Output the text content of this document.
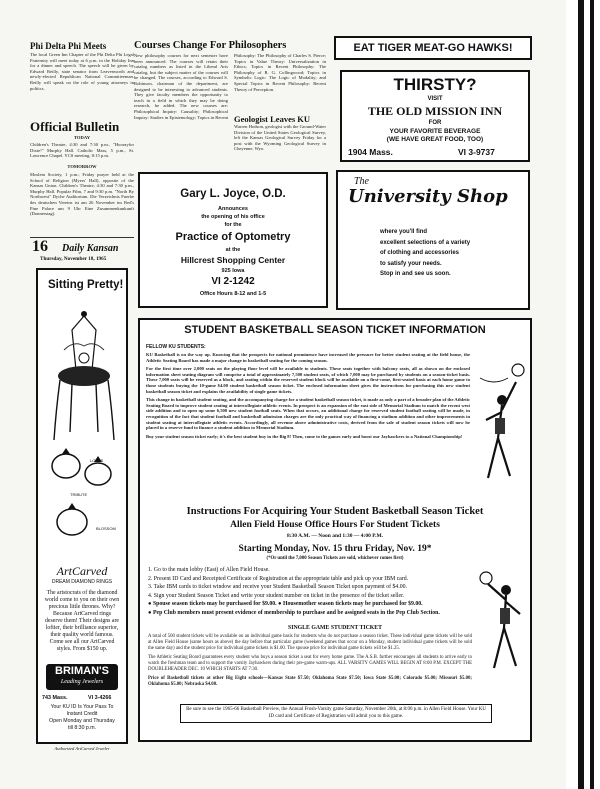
Phi Delta Phi Meets
The local Green Inn Chapter of the Phi Delta Phi Legal Fraternity will meet today at 6 p.m. in the Holiday Inn for a dinner and speech. The speech will be given by Edward Reilly, state senator from Leavenworth and newly-elected Republican National Committeeman. Reilly will speak on the role of young attorneys in politics.
Official Bulletin
TODAY
Children's Theatre, 4:30 and 7:30 p.m., "Hoorayfor Dixie!" Murphy Hall. Catholic Mass, 5 p.m., St. Lawrence Chapel. YCS meeting, 8:15 p.m.
TOMORROW
Moslem Society, 1 p.m.; Friday prayer held at the School of Religion (Myers' Hall), opposite of the Kansas Union. Children's Theatre, 4:30 and 7:30 p.m., Murphy Hall. Popular Film, 7 and 9:30 p.m. "North By Northwest" Dyche Auditorium. Die Verzeichnis Fuerbe des deutschen Vereins ist am 26 November im Red's Pine Palace um 9 Uhr Eine Zusammenkunkunft (Donnerstag).
16 Daily Kansan
Thursday, November 18, 1965
Sitting Pretty!
LOTUS
TRIBUTE
BLOSSOM
ArtCarved
DREAM DIAMOND RINGS
The aristocrats of the diamond world come to you on their own precious little thrones. Why? Because ArtCarved rings deserve them! Their designs are loftier, their brilliance superior, their quality world famous. Come see all our ArtCarved styles. From $150 up.
BRIMAN'S
Leading Jewelers
743 Mass.	VI 3-4266
Your KU ID Is Your Pass To
Instant Credit
Open Monday and Thursday
till 8:30 p.m.
Authorized ArtCarved Jeweler
Courses Change For Philosophers
New philosophy courses for next semester have been announced. The courses will retain their catalog numbers as listed in the Liberal Arts catalog, but the subject matter of the courses will be changed. The courses, according to Edward S. Robinson, chairman of the department, are designed to be interesting to advanced students. They give faculty members the opportunity to teach in a field in which they may be doing research, he added. The new courses are: Philosophical Inquiry: Causality; Philosophical Inquiry: Studies in Epistemology; Topics in Recent
Philosophy: The Philosophy of Charles S. Pierce; Topics in Value Theory: Universalization in Ethics; Topics in Recent Philosophy: The Philosophy of R. G. Collingwood; Topics in Symbolic Logic: The Logic of Modality; and Special Topics in Recent Philosophy: Recent Theory of Perception.
Geologist Leaves KU
Warren Hodson, geologist with the Ground-Water Division of the United States Geological Survey, left the Kansas Geological Survey Friday for a post with the Wyoming Geological Survey in Cheyenne, Wyo.
EAT TIGER MEAT-GO HAWKS!
THIRSTY?
VISIT
THE OLD MISSION INN
FOR
YOUR FAVORITE BEVERAGE
(WE HAVE GREAT FOOD, TOO)
1904 Mass.	VI 3-9737
Gary L. Joyce, O.D.
Announces
the opening of his office
for the
Practice of Optometry
at the
Hillcrest Shopping Center
925 Iowa
VI 2-1242
Office Hours 8-12 and 1-5
The
University Shop
where you'll find
excellent selections of a variety
of clothing and accessories
to satisfy your needs.
Stop in and see us soon.
STUDENT BASKETBALL SEASON TICKET INFORMATION
FELLOW KU STUDENTS:

KU Basketball is on the way up. Knowing that the prospects for national prominence have increased the pressure for better student seating at the field house, the Athletic Seating Board has made a major change in basketball seating for the coming season.

For the first time over 2,000 seats on the playing floor level will be available to students. These seats together with balcony seats, all as shown on the enclosed information sheet seating diagram will comprise a total of approximately 7,500 student seats, of which 7,000 may be purchased by students on a season-ticket basis. These 7,000 seats will be reserved as a block, and seating within the reserved student block will be available on a first-come, first-seated basis at each home game to those students buying the 10-game $4.00 student basketball season ticket. The enclosed information sheet gives the instructions for purchasing this new student basketball season ticket and explains the availability of single game tickets.

This change in basketball student seating, and the accompanying charge for a student basketball season ticket, is made as only a part of a broader plan of the Athletic Seating Board to improve student seating at intercollegiate athletic events. In prospect is an expansion of the east side of Memorial Stadium to match the recent west side addition and to open up some 6,500 new student football seats. When that occurs, an additional charge for reserved student football seating will be made, in recognition of the fact that student football and basketball admission charges are the only practical way of financing a stadium addition and other improvements in student seating at intercollegiate athletic events. Accordingly, all revenue above administrative costs, derived from the sale of student season tickets will now be placed in a reserve fund to finance a student addition to Memorial Stadium.

Buy your student season ticket early; it's the best student buy in the Big 8! Then, come to the games early and boost our Jayhawkers to a National Championship!

Instructions For Acquiring Your Student Basketball Season Ticket
Allen Field House Office Hours For Student Tickets
8:30 A.M. — Noon and 1:30 — 4:00 P.M.
Starting Monday, Nov. 15 thru Friday, Nov. 19*
(*Or until the 7,000 Season Tickets are sold, whichever comes first)
1. Go to the main lobby (East) of Allen Field House.
2. Present ID Card and Receipted Certificate of Registration at the appropriate table and pick up your IBM card.
3. Take IBM cards to ticket window and receive your Student Basketball Season Ticket upon payment of $4.00.
4. Sign your Student Season Ticket and write your student number on ticket in the presence of the ticket seller.
● Spouse season tickets may be purchased for $9.00. ● Housemother season tickets may be purchased for $9.00.
● Pep Club members must present evidence of membership to purchase and be assigned seats in the Pep Club Section.
SINGLE GAME STUDENT TICKET

A total of 500 student tickets will be available on an individual game basis for students who do not purchase a season ticket. These individual game tickets will be sold at Allen Field House (same hours as above) the day before that particular game (weekend games that occur on a Monday, student individual game tickets will be sold the same day) and the student price for individual game tickets is $1.00. The spouse price for individual game tickets will be $1.25.

The Athletic Seating Board guarantees every student who buys a season ticket a seat for every home game. The A.S.B. further encourages all students to arrive early to watch the freshman team and to support the varsity Jayhawkers during their pre-game warm-ups. ALL VARSITY GAMES WILL BEGIN AT 8:00 P.M. EXCEPT THE DOUBLEHEADER DEC. 10 WHICH STARTS AT 7:30.

Price of Basketball tickets at other Big Eight schools—Kansas State $7.50; Oklahoma State $7.50; Iowa State $5.00; Colorado $5.00; Missouri $5.00; Oklahoma $5.00; Nebraska $4.00.

Be sure to see the 1965-66 Basketball Preview, the Annual Frosh-Varsity game Saturday, November 20th, at 8:00 p.m. in Allen Field House. Your KU ID card and Certificate of Registration will admit you to this game.
